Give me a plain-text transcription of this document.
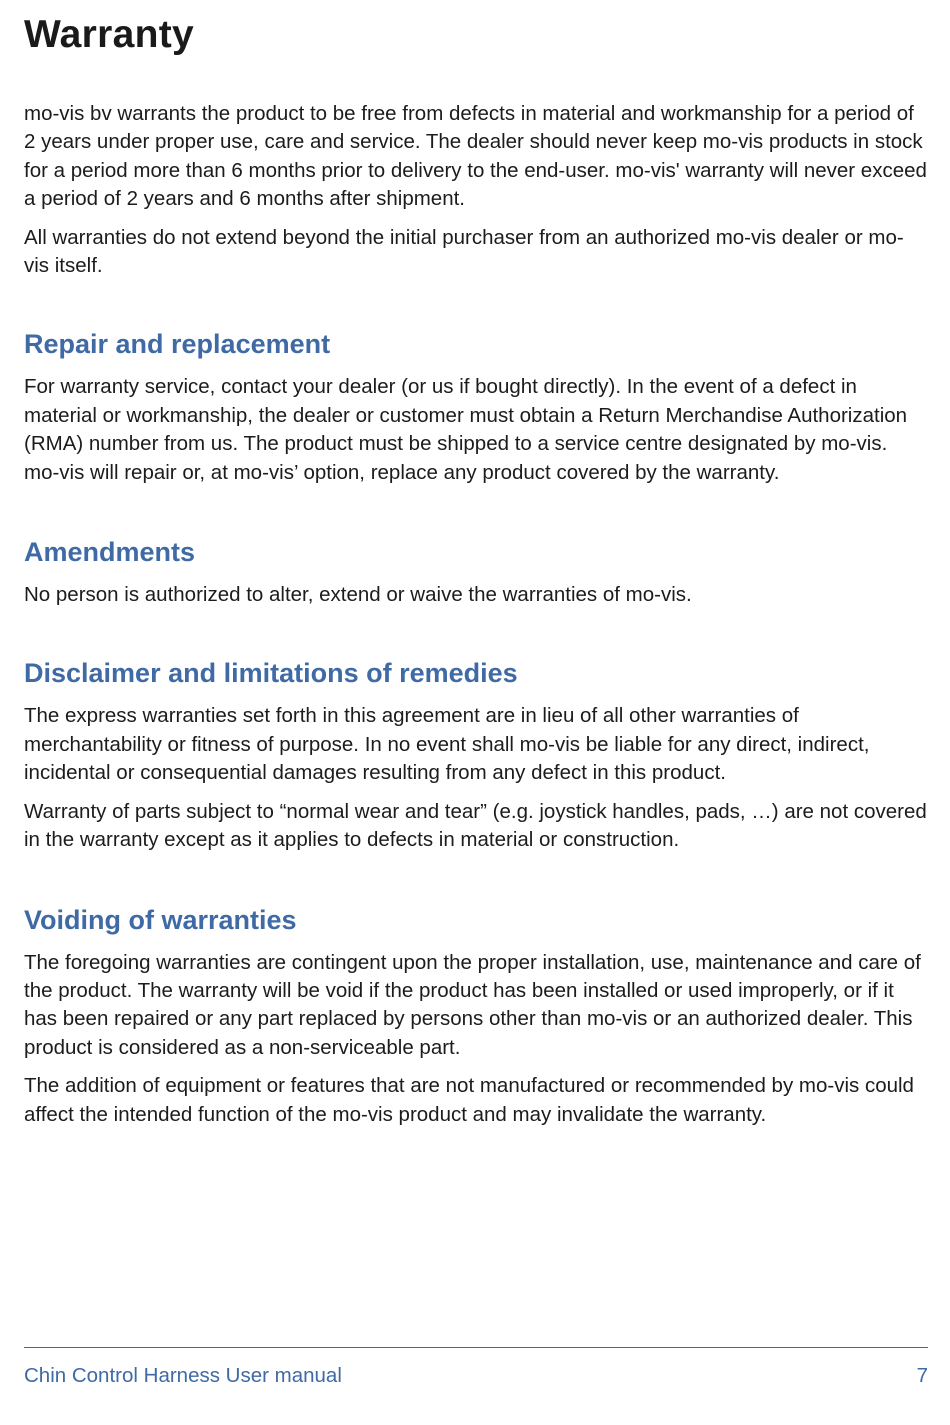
Warranty

mo-vis bv warrants the product to be free from defects in material and workmanship for a period of 2 years under proper use, care and service. The dealer should never keep mo-vis products in stock for a period more than 6 months prior to delivery to the end-user. mo-vis' warranty will never exceed a period of 2 years and 6 months after shipment.

All warranties do not extend beyond the initial purchaser from an authorized mo-vis dealer or mo-vis itself.

Repair and replacement

For warranty service, contact your dealer (or us if bought directly). In the event of a defect in material or workmanship, the dealer or customer must obtain a Return Merchandise Authorization (RMA) number from us. The product must be shipped to a service centre designated by mo-vis. mo-vis will repair or, at mo-vis’ option, replace any product covered by the warranty.

Amendments

No person is authorized to alter, extend or waive the warranties of mo-vis.

Disclaimer and limitations of remedies

The express warranties set forth in this agreement are in lieu of all other warranties of merchantability or fitness of purpose. In no event shall mo-vis be liable for any direct, indirect, incidental or consequential damages resulting from any defect in this product.

Warranty of parts subject to “normal wear and tear” (e.g. joystick handles, pads, …) are not covered in the warranty except as it applies to defects in material or construction.

Voiding of warranties

The foregoing warranties are contingent upon the proper installation, use, maintenance and care of the product. The warranty will be void if the product has been installed or used improperly, or if it has been repaired or any part replaced by persons other than mo-vis or an authorized dealer. This product is considered as a non-serviceable part.

The addition of equipment or features that are not manufactured or recommended by mo-vis could affect the intended function of the mo-vis product and may invalidate the warranty.

Chin Control Harness User manual	7
